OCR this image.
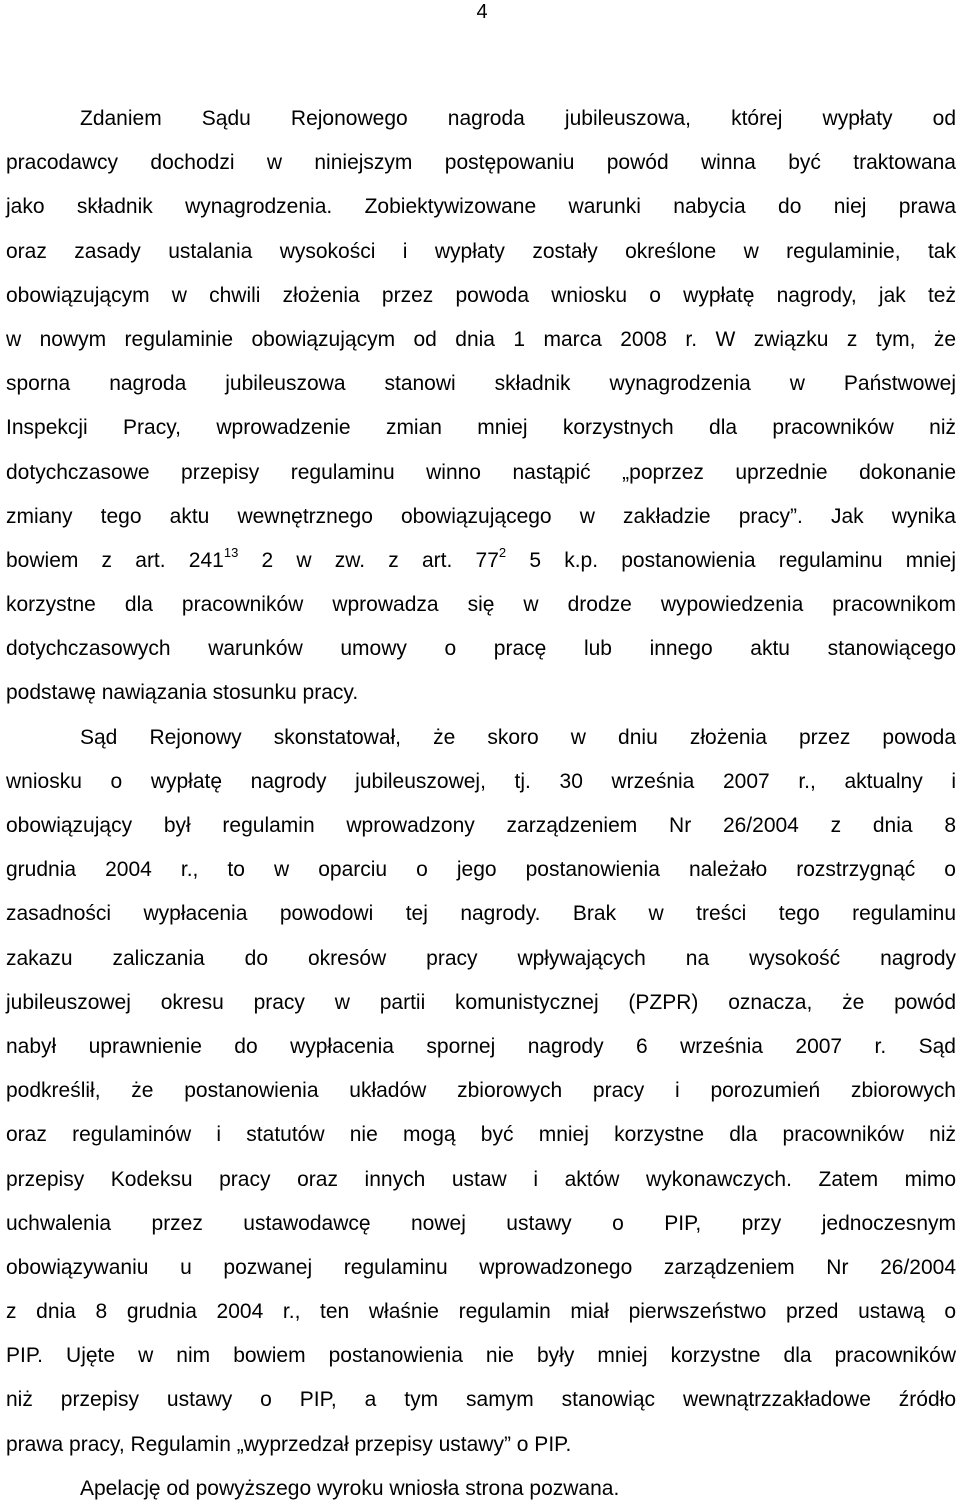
4
Zdaniem Sądu Rejonowego nagroda jubileuszowa, której wypłaty od
pracodawcy dochodzi w niniejszym postępowaniu powód winna być traktowana
jako składnik wynagrodzenia. Zobiektywizowane warunki nabycia do niej prawa
oraz zasady ustalania wysokości i wypłaty zostały określone w regulaminie, tak
obowiązującym w chwili złożenia przez powoda wniosku o wypłatę nagrody, jak też
w nowym regulaminie obowiązującym od dnia 1 marca 2008 r. W związku z tym, że
sporna nagroda jubileuszowa stanowi składnik wynagrodzenia w Państwowej
Inspekcji Pracy, wprowadzenie zmian mniej korzystnych dla pracowników niż
dotychczasowe przepisy regulaminu winno nastąpić „poprzez uprzednie dokonanie
zmiany tego aktu wewnętrznego obowiązującego w zakładzie pracy”. Jak wynika
bowiem z art. $241^{13}$ 2 w zw. z art. $77^2$ 5 k.p. postanowienia regulaminu mniej
korzystne dla pracowników wprowadza się w drodze wypowiedzenia pracownikom
dotychczasowych warunków umowy o pracę lub innego aktu stanowiącego
podstawę nawiązania stosunku pracy.
Sąd Rejonowy skonstatował, że skoro w dniu złożenia przez powoda
wniosku o wypłatę nagrody jubileuszowej, tj. 30 września 2007 r., aktualny i
obowiązujący był regulamin wprowadzony zarządzeniem Nr 26/2004 z dnia 8
grudnia 2004 r., to w oparciu o jego postanowienia należało rozstrzygnąć o
zasadności wypłacenia powodowi tej nagrody. Brak w treści tego regulaminu
zakazu zaliczania do okresów pracy wpływających na wysokość nagrody
jubileuszowej okresu pracy w partii komunistycznej (PZPR) oznacza, że powód
nabył uprawnienie do wypłacenia spornej nagrody 6 września 2007 r. Sąd
podkreślił, że postanowienia układów zbiorowych pracy i porozumień zbiorowych
oraz regulaminów i statutów nie mogą być mniej korzystne dla pracowników niż
przepisy Kodeksu pracy oraz innych ustaw i aktów wykonawczych. Zatem mimo
uchwalenia przez ustawodawcę nowej ustawy o PIP, przy jednoczesnym
obowiązywaniu u pozwanej regulaminu wprowadzonego zarządzeniem Nr 26/2004
z dnia 8 grudnia 2004 r., ten właśnie regulamin miał pierwszeństwo przed ustawą o
PIP. Ujęte w nim bowiem postanowienia nie były mniej korzystne dla pracowników
niż przepisy ustawy o PIP, a tym samym stanowiąc wewnątrzzakładowe źródło
prawa pracy, Regulamin „wyprzedzał przepisy ustawy” o PIP.
Apelację od powyższego wyroku wniosła strona pozwana.
